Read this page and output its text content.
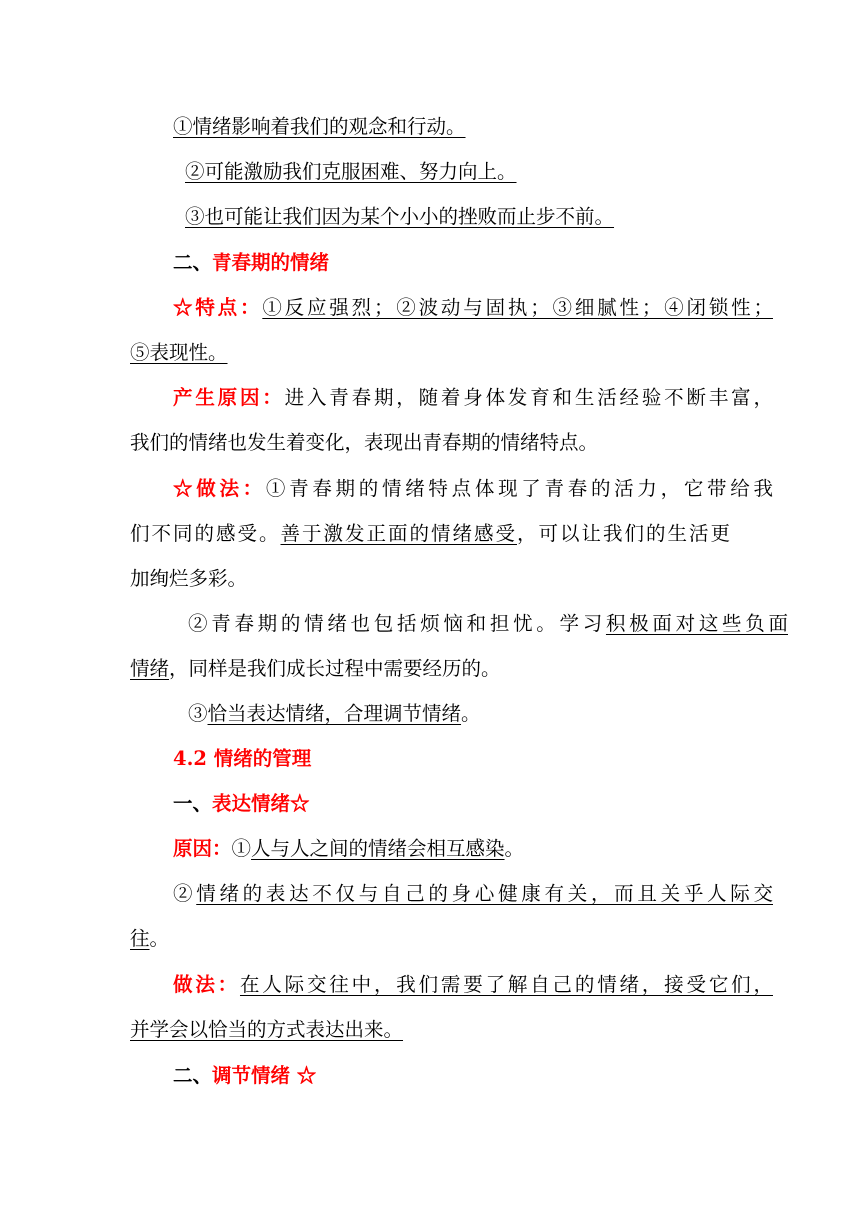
①情绪影响着我们的观念和行动。
②可能激励我们克服困难、努力向上。
③也可能让我们因为某个小小的挫败而止步不前。
二、青春期的情绪
☆特点：①反应强烈；②波动与固执；③细腻性；④闭锁性；
⑤表现性。
产生原因：进入青春期，随着身体发育和生活经验不断丰富，
我们的情绪也发生着变化，表现出青春期的情绪特点。
☆做法：①青春期的情绪特点体现了青春的活力，它带给我
们不同的感受。善于激发正面的情绪感受，可以让我们的生活更
加绚烂多彩。
②青春期的情绪也包括烦恼和担忧。学习积极面对这些负面
情绪，同样是我们成长过程中需要经历的。
③恰当表达情绪，合理调节情绪。
4.2 情绪的管理
一、表达情绪☆
原因：①人与人之间的情绪会相互感染。
②情绪的表达不仅与自己的身心健康有关，而且关乎人际交
往。
做法：在人际交往中，我们需要了解自己的情绪，接受它们，
并学会以恰当的方式表达出来。
二、调节情绪 ☆
